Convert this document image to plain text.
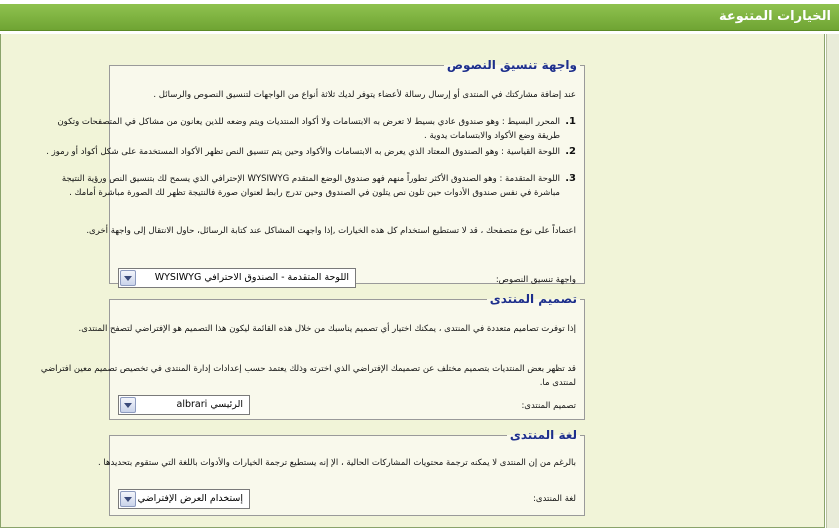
الخيارات المتنوعة
واجهة تنسيق النصوص
عند إضافة مشاركتك في المنتدى أو إرسال رسالة لأعضاء يتوفر لديك ثلاثة أنواع من الواجهات لتنسيق النصوص والرسائل .
1.
المحرر البسيط : وهو صندوق عادي بسيط لا تعرض به الابتسامات ولا أكواد المنتديات ويتم وضعه للذين يعانون من مشاكل في المتصفحات وتكون طريقة وضع الأكواد والابتسامات يدوية .
2.
اللوحة القياسية : وهو الصندوق المعتاد الذي يعرض به الابتسامات والأكواد وحين يتم تنسيق النص تظهر الأكواد المستخدمة على شكل أكواد أو رموز .
3.
اللوحة المتقدمة : وهو الصندوق الأكثر تطوراً منهم فهو صندوق الوضع المتقدم WYSIWYG الإحترافي الذي يسمح لك بتنسيق النص ورؤية النتيجة مباشرة في نفس صندوق الأدوات حين تلون نص يتلون في الصندوق وحين تدرج رابط لعنوان صورة فالنتيجة تظهر لك الصورة مباشرة أمامك .
اعتماداً على نوع متصفحك ، قد لا تستطيع استخدام كل هذه الخيارات ,إذا واجهت المشاكل عند كتابة الرسائل، حاول الانتقال إلى واجهة أخرى.
واجهة تنسيق النصوص:
اللوحة المتقدمة - الصندوق الاحترافي WYSIWYG
تصميم المنتدى
إذا توفرت تصاميم متعددة في المنتدى ، يمكنك اختيار أي تصميم يناسبك من خلال هذه القائمة ليكون هذا التصميم هو الإفتراضي لتصفح المنتدى.
قد تظهر بعض المنتديات بتصميم مختلف عن تصميمك الإفتراضي الذي اخترته وذلك يعتمد حسب إعدادات إدارة المنتدى في تخصيص تصميم معين افتراضي لمنتدى ما.
تصميم المنتدى:
الرئيسي albrari
لغة المنتدى
بالرغم من إن المنتدى لا يمكنه ترجمة محتويات المشاركات الحالية ، الإ إنه يستطيع ترجمة الخيارات والأدوات باللغة التي ستقوم بتحديدها .
لغة المنتدى:
إستخدام العرض الإفتراضي
